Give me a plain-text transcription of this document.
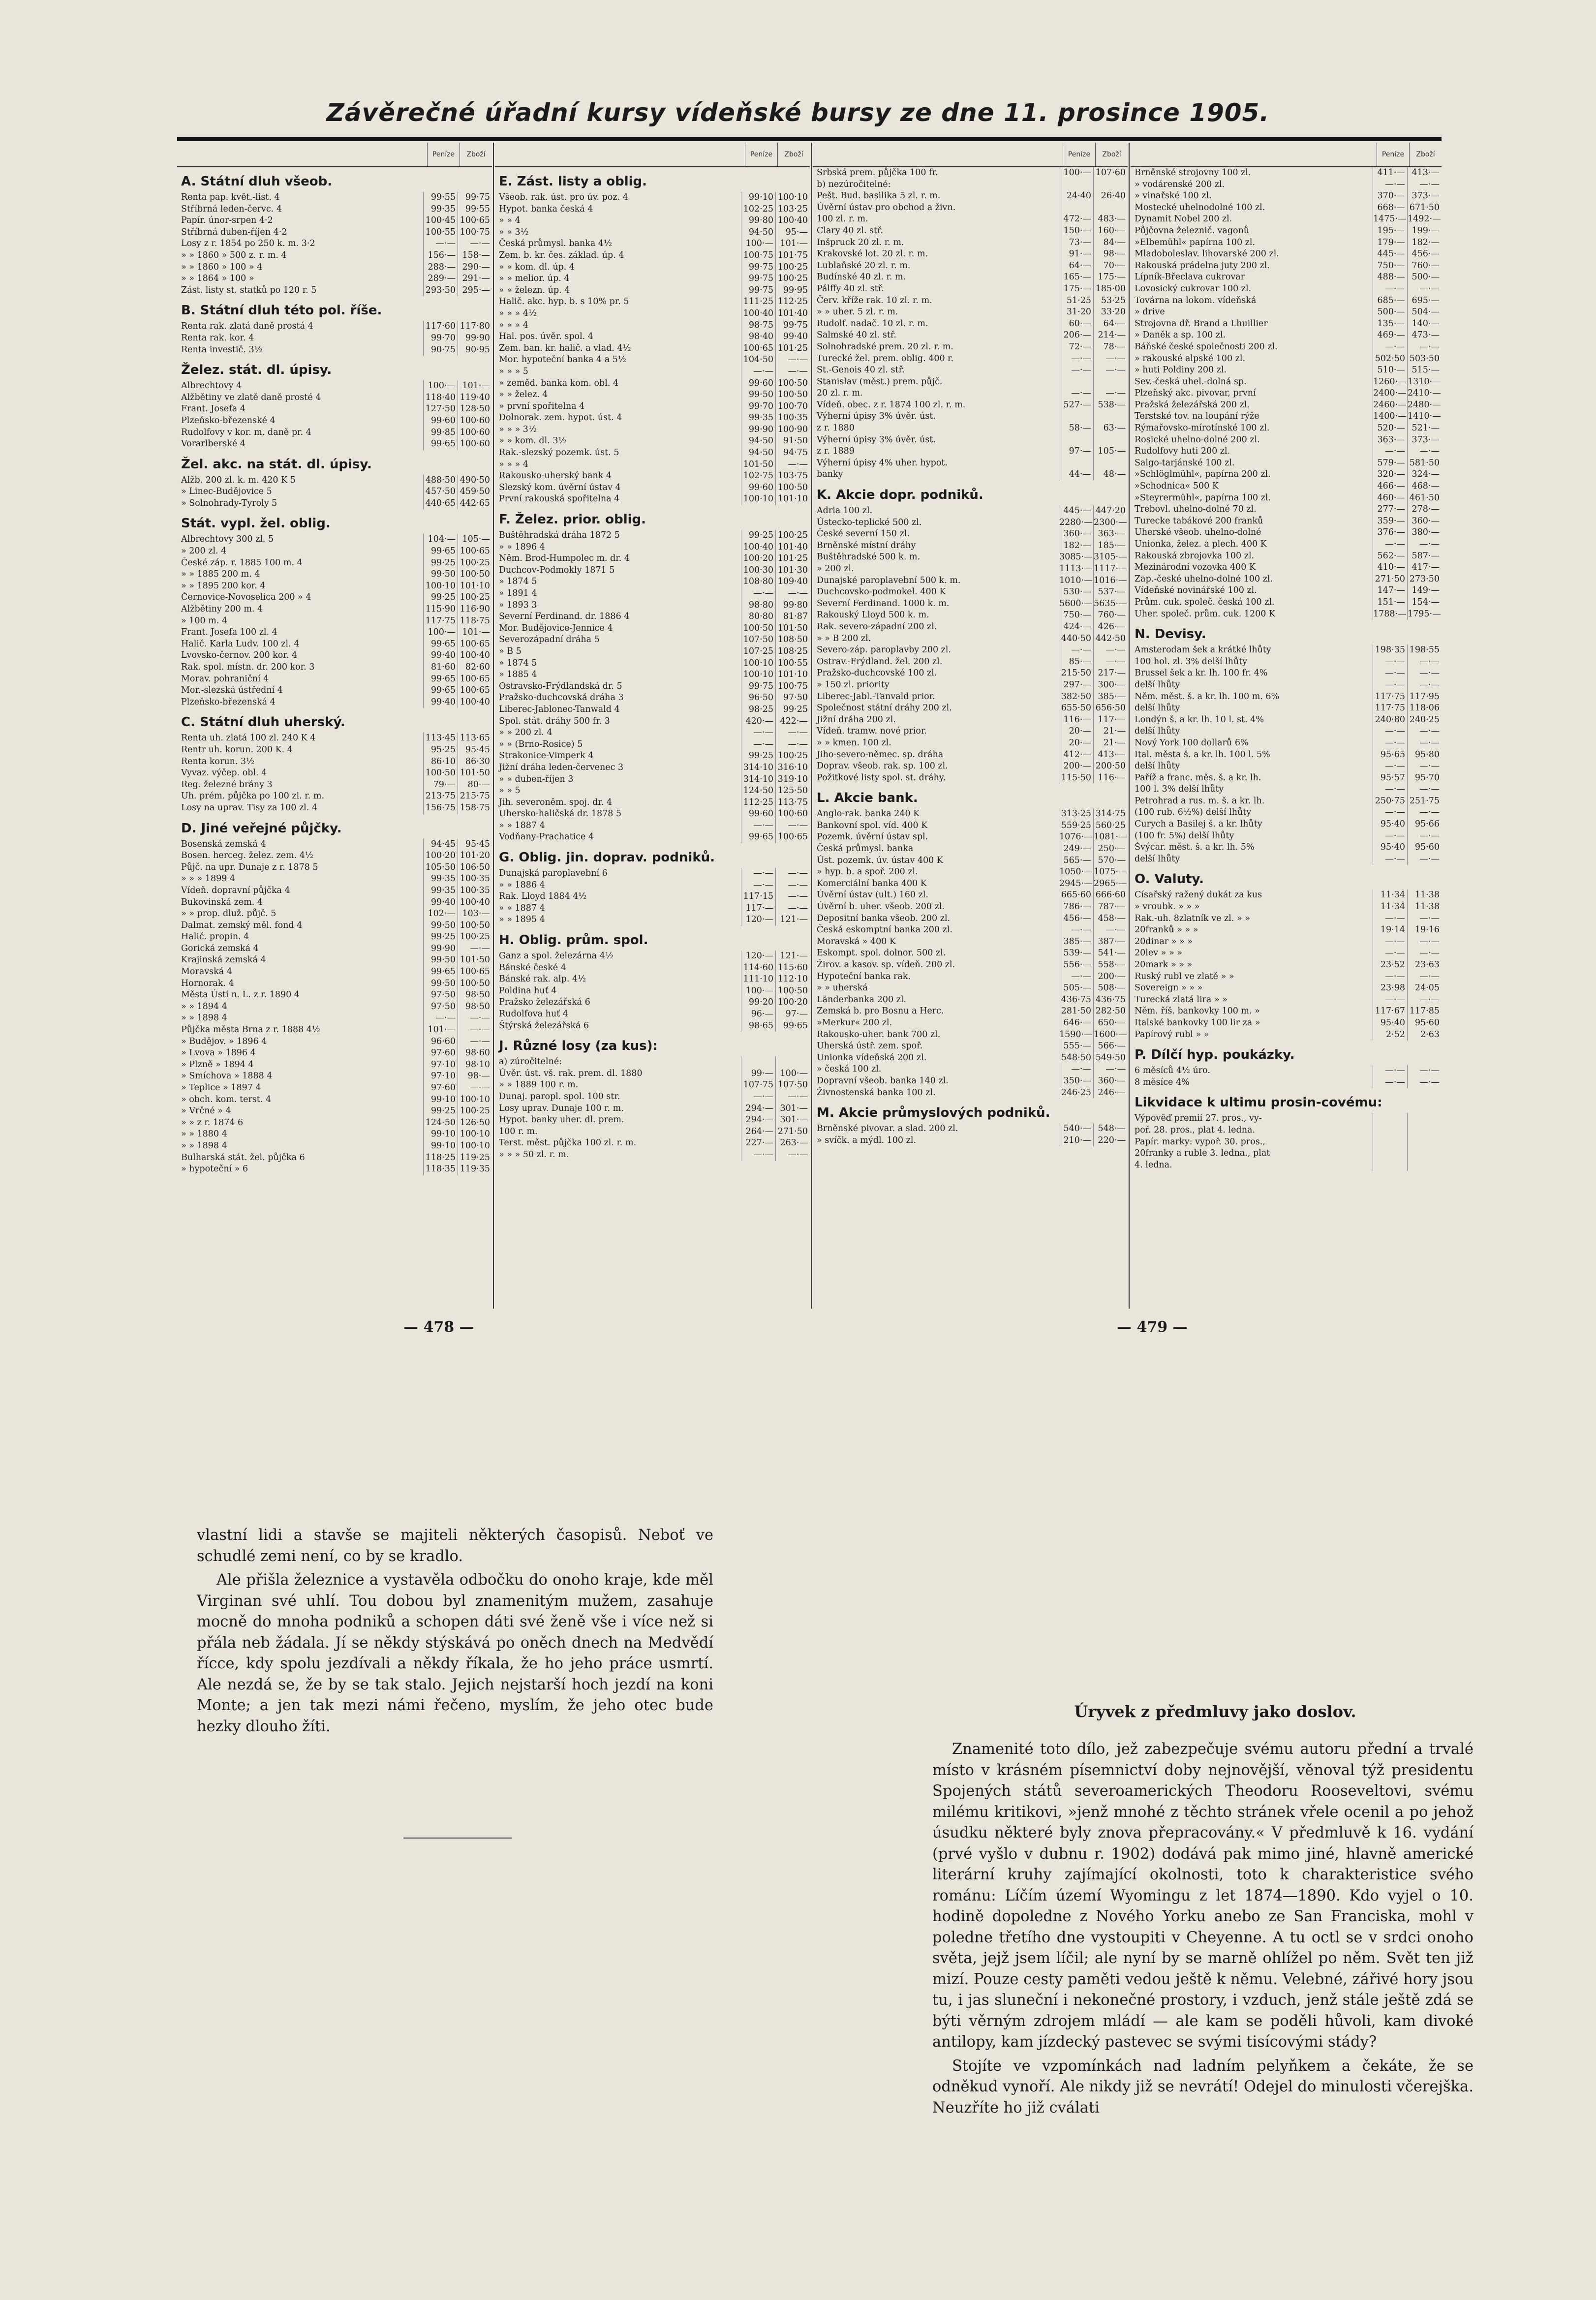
Závěrečné úřadní kursy vídeňské bursy ze dne 11. prosince 1905.
Peníze	Zboží
A. Státní dluh všeob.
Renta pap. květ.-list. 4	99·55	99·75
Stříbrná leden-červc. 4	99·35	99·55
Papír. únor-srpen 4·2	100·45 100·65
Stříbrná duben-říjen 4·2	100·55 100·75
Losy z r. 1854 po 250 k. m. 3·2	—·—	—·—
» » 1860 » 500 z. r. m. 4	156·— 158·—
» » 1860 » 100 » 4	288·— 290·—
» » 1864 » 100 »	289·— 291·—
Zást. listy st. statků po 120 r. 5	293·50 295·—
B. Státní dluh této pol. říše.
Renta rak. zlatá daně prostá 4	117·60 117·80
Renta rak. kor. 4	99·70	99·90
Renta investič. 3½	90·75	90·95
Želez. stát. dl. úpisy.
Albrechtovy 4	100·— 101·—
Alžbětiny ve zlatě daně prosté 4	118·40 119·40
Frant. Josefa 4	127·50 128·50
Plzeňsko-březenské 4	99·60 100·60
Rudolfovy v kor. m. daně pr. 4	99·85 100·60
Vorarlberské 4	99·65 100·60
Žel. akc. na stát. dl. úpisy.
Alžb. 200 zl. k. m. 420 K 5	488·50 490·50
» Linec-Budějovice 5	457·50 459·50
» Solnohrady-Tyroly 5	440·65 442·65
Stát. vypl. žel. oblig.
Albrechtovy 300 zl. 5	104·— 105·—
» 200 zl. 4	99·65 100·65
České záp. r. 1885 100 m. 4	99·25 100·25
» » 1885 200 m. 4	99·50 100·50
» » 1895 200 kor. 4	100·10 101·10
Černovice-Novoselica 200 » 4	99·25 100·25
Alžbětiny 200 m. 4	115·90 116·90
» 100 m. 4	117·75 118·75
Frant. Josefa 100 zl. 4	100·— 101·—
Halič. Karla Ludv. 100 zl. 4	99·65 100·65
Lvovsko-černov. 200 kor. 4	99·40 100·40
Rak. spol. místn. dr. 200 kor. 3	81·60	82·60
Morav. pohraniční 4	99·65 100·65
Mor.-slezská ústřední 4	99·65 100·65
Plzeňsko-březenská 4	99·40 100·40
C. Státní dluh uherský.
Renta uh. zlatá 100 zl. 240 K 4	113·45 113·65
Rentr uh. korun. 200 K. 4	95·25	95·45
Renta korun. 3½	86·10	86·30
Vyvaz. výčep. obl. 4	100·50 101·50
Reg. železné brány 3	79·—	80·—
Uh. prém. půjčka po 100 zl. r. m.	213·75 215·75
Losy na uprav. Tisy za 100 zl. 4	156·75 158·75
D. Jiné veřejné půjčky.
Bosenská zemská 4	94·45	95·45
Bosen. herceg. želez. zem. 4½	100·20 101·20
Půjč. na upr. Dunaje z r. 1878 5	105·50 106·50
» » » 1899 4	99·35 100·35
Vídeň. dopravní půjčka 4	99·35 100·35
Bukovinská zem. 4	99·40 100·40
» » prop. dluž. půjč. 5	102·— 103·—
Dalmat. zemský měl. fond 4	99·50 100·50
Halič. propin. 4	99·25 100·25
Gorická zemská 4	99·90	—·—
Krajinská zemská 4	99·50 101·50
Moravská 4	99·65 100·65
Hornorak. 4	99·50 100·50
Města Ústí n. L. z r. 1890 4	97·50	98·50
» » 1894 4	97·50	98·50
» » 1898 4	—·—	—·—
Půjčka města Brna z r. 1888 4½	101·—	—·—
» Budějov. » 1896 4	96·60	—·—
» Lvova » 1896 4	97·60	98·60
» Plzně » 1894 4	97·10	98·10
» Smíchova » 1888 4	97·10	98·—
» Teplice » 1897 4	97·60	—·—
» obch. kom. terst. 4	99·10 100·10
» Vrčné » 4	99·25 100·25
» » z r. 1874 6	124·50 126·50
» » 1880 4	99·10 100·10
» » 1898 4	99·10 100·10
Bulharská stát. žel. půjčka 6	118·25 119·25
» hypoteční » 6	118·35 119·35
Peníze	Zboží
E. Zást. listy a oblig.
Všeob. rak. úst. pro úv. poz. 4	99·10 100·10
Hypot. banka česká 4	102·25 103·25
» » 4	99·80 100·40
» » 3½	94·50	95·—
Česká průmysl. banka 4½	100·— 101·—
Zem. b. kr. čes. základ. úp. 4	100·75 101·75
» » kom. dl. úp. 4	99·75 100·25
» » melior. úp. 4	99·75 100·25
» » železn. úp. 4	99·75	99·95
Halič. akc. hyp. b. s 10% pr. 5	111·25 112·25
» » » 4½	100·40 101·40
» » » 4	98·75	99·75
Hal. pos. úvěr. spol. 4	98·40	99·40
Zem. ban. kr. halič. a vlad. 4½	100·65 101·25
Mor. hypoteční banka 4 a 5½	104·50	—·—
» » » 5	—·—	—·—
» zeměd. banka kom. obl. 4	99·60 100·50
» » želez. 4	99·50 100·50
» první spořitelna 4	99·70 100·70
Dolnorak. zem. hypot. úst. 4	99·35 100·35
» » » 3½	99·90 100·90
» » kom. dl. 3½	94·50	91·50
Rak.-slezský pozemk. úst. 5	94·50	94·75
» » » 4	101·50	—·—
Rakousko-uherský bank 4	102·75 103·75
Slezský kom. úvěrní ústav 4	99·60 100·50
První rakouská spořitelna 4	100·10 101·10
F. Želez. prior. oblig.
Buštěhradská dráha 1872 5	99·25 100·25
» » 1896 4	100·40 101·40
Něm. Brod-Humpolec m. dr. 4	100·20 101·25
Duchcov-Podmokly 1871 5	100·30 101·30
» 1874 5	108·80 109·40
» 1891 4	—·—	—·—
» 1893 3	98·80	99·80
Severní Ferdinand. dr. 1886 4	80·80	81·87
Mor. Budějovice-Jennice 4	100·50 101·50
Severozápadní dráha 5	107·50 108·50
» B 5	107·25 108·25
» 1874 5	100·10 100·55
» 1885 4	100·10 101·10
Ostravsko-Frýdlandská dr. 5	99·75 100·75
Pražsko-duchcovská dráha 3	96·50	97·50
Liberec-Jablonec-Tanwald 4	98·25	99·25
Spol. stát. dráhy 500 fr. 3	420·— 422·—
» » 200 zl. 4	—·—	—·—
» » (Brno-Rosice) 5	—·—	—·—
Strakonice-Vimperk 4	99·25 100·25
Jižní dráha leden-červenec 3	314·10 316·10
» » duben-říjen 3	314·10 319·10
» » 5	124·50 125·50
Jih. severoněm. spoj. dr. 4	112·25 113·75
Uhersko-haličská dr. 1878 5	99·60 100·60
» » 1887 4	—·—	—·—
Vodňany-Prachatice 4	99·65 100·65
G. Oblig. jin. doprav. podniků.
Dunajská paroplavební 6	—·—	—·—
» » 1886 4	—·—	—·—
Rak. Lloyd 1884 4½	117·15	—·—
» » 1887 4	117·—	—·—
» » 1895 4	120·— 121·—
H. Oblig. prům. spol.
Ganz a spol. železárna 4½	120·— 121·—
Bánské české 4	114·60 115·60
Bánské rak. alp. 4½	111·10 112·10
Poldina huť 4	100·— 100·50
Pražsko železářská 6	99·20 100·20
Rudolfova huť 4	96·—	97·—
Štýrská železářská 6	98·65	99·65
J. Různé losy (za kus):
a) zúročitelné:
Úvěr. úst. vš. rak. prem. dl. 1880	99·— 100·—
» » 1889 100 r. m.	107·75 107·50
Dunaj. paropl. spol. 100 str.	—·—	—·—
Losy uprav. Dunaje 100 r. m.	294·— 301·—
Hypot. banky uher. dl. prem.	294·— 301·—
100 r. m.	264·— 271·50
Terst. měst. půjčka 100 zl. r. m.	227·— 263·—
» » » 50 zl. r. m.	—·—	—·—
Peníze	Zboží
Srbská prem. půjčka 100 fr.	100·— 107·60
b) nezúročitelné:
Pešt. Bud. basilika 5 zl. r. m.	24·40	26·40
Úvěrní ústav pro obchod a živn.
100 zl. r. m.	472·— 483·—
Clary 40 zl. stř.	150·— 160·—
Inšpruck 20 zl. r. m.	73·—	84·—
Krakovské lot. 20 zl. r. m.	91·—	98·—
Lublaňské 20 zl. r. m.	64·—	70·—
Budínské 40 zl. r. m.	165·— 175·—
Pálffy 40 zl. stř.	175·— 185·00
Červ. kříže rak. 10 zl. r. m.	51·25	53·25
» » uher. 5 zl. r. m.	31·20	33·20
Rudolf. nadač. 10 zl. r. m.	60·—	64·—
Salmské 40 zl. stř.	206·— 214·—
Solnohradské prem. 20 zl. r. m.	72·—	78·—
Turecké žel. prem. oblig. 400 r.	—·—	—·—
St.-Genois 40 zl. stř.	—·—	—·—
Stanislav (měst.) prem. půjč.
20 zl. r. m.	—·—	—·—
Vídeň. obec. z r. 1874 100 zl. r. m.	527·— 538·—
Výherní úpisy 3% úvěr. úst.
z r. 1880	58·—	63·—
Výherní úpisy 3% úvěr. úst.
z r. 1889	97·— 105·—
Výherní úpisy 4% uher. hypot.
banky	44·—	48·—
K. Akcie dopr. podniků.
Adria 100 zl.	445·— 447·20
Ústecko-teplické 500 zl.	2280·— 2300·—
České severní 150 zl.	360·— 363·—
Brněnské místní dráhy	182·— 185·—
Buštěhradské 500 k. m.	3085·— 3105·—
» 200 zl.	1113·— 1117·—
Dunajské paroplavební 500 k. m.	1010·— 1016·—
Duchcovsko-podmokel. 400 K	530·— 537·—
Severní Ferdinand. 1000 k. m.	5600·— 5635·—
Rakouský Lloyd 500 k. m.	750·— 760·—
Rak. severo-západní 200 zl.	424·— 426·—
» » B 200 zl.	440·50 442·50
Severo-záp. paroplavby 200 zl.	—·—	—·—
Ostrav.-Frýdland. žel. 200 zl.	85·—	—·—
Pražsko-duchcovské 100 zl.	215·50 217·—
» 150 zl. priority	297·— 300·—
Liberec-Jabl.-Tanvald prior.	382·50 385·—
Společnost státní dráhy 200 zl.	655·50 656·50
Jižní dráha 200 zl.	116·— 117·—
Vídeň. tramw. nové prior.	20·—	21·—
» » kmen. 100 zl.	20·—	21·—
Jiho-severo-němec. sp. dráha	412·— 413·—
Doprav. všeob. rak. sp. 100 zl.	200·— 200·50
Požitkové listy spol. st. dráhy.	115·50 116·—
L. Akcie bank.
Anglo-rak. banka 240 K	313·25 314·75
Bankovní spol. víd. 400 K	559·25 560·25
Pozemk. úvěrní ústav spl.	1076·— 1081·—
Česká průmysl. banka	249·— 250·—
Úst. pozemk. úv. ústav 400 K	565·— 570·—
» hyp. b. a spoř. 200 zl.	1050·— 1075·—
Komerciální banka 400 K	2945·— 2965·—
Úvěrní ústav (ult.) 160 zl.	665·60 666·60
Úvěrní b. uher. všeob. 200 zl.	786·— 787·—
Depositní banka všeob. 200 zl.	456·— 458·—
Česká eskomptní banka 200 zl.	—·—	—·—
Moravská » 400 K	385·— 387·—
Eskompt. spol. dolnor. 500 zl.	539·— 541·—
Žirov. a kasov. sp. vídeň. 200 zl.	556·— 558·—
Hypoteční banka rak.	—·— 200·—
» » uherská	505·— 508·—
Länderbanka 200 zl.	436·75 436·75
Zemská b. pro Bosnu a Herc.	281·50 282·50
»Merkur« 200 zl.	646·— 650·—
Rakousko-uher. bank 700 zl.	1590·— 1600·—
Uherská ústř. zem. spoř.	555·— 566·—
Unionka vídeňská 200 zl.	548·50 549·50
» česká 100 zl.	—·—	—·—
Dopravní všeob. banka 140 zl.	350·— 360·—
Živnostenská banka 100 zl.	246·25 246·—
M. Akcie průmyslových podniků.
Brněnské pivovar. a slad. 200 zl.	540·— 548·—
» svíčk. a mýdl. 100 zl.	210·— 220·—
Peníze	Zboží
Brněnské strojovny 100 zl.	411·— 413·—
» vodárenské 200 zl.	—·—	—·—
» vinařské 100 zl.	370·— 373·—
Mostecké uhelnodolné 100 zl.	668·— 671·50
Dynamit Nobel 200 zl.	1475·— 1492·—
Půjčovna železnič. vagonů	195·— 199·—
»Elbemühl« papírna 100 zl.	179·— 182·—
Mladoboleslav. lihovarské 200 zl.	445·— 456·—
Rakouská prádelna juty 200 zl.	750·— 760·—
Lípník-Břeclava cukrovar	488·— 500·—
Lovosický cukrovar 100 zl.	—·—	—·—
Továrna na lokom. vídeňská	685·— 695·—
» drive	500·— 504·—
Strojovna dř. Brand a Lhuillier	135·— 140·—
» Daněk a sp. 100 zl.	469·— 473·—
Báňské české společnosti 200 zl.	—·—	—·—
» rakouské alpské 100 zl.	502·50 503·50
» huti Poldiny 200 zl.	510·— 515·—
Sev.-česká uhel.-dolná sp.	1260·— 1310·—
Plzeňský akc. pivovar, první	2400·— 2410·—
Pražská železářská 200 zl.	2460·— 2480·—
Terstské tov. na loupání rýže	1400·— 1410·—
Rýmařovsko-mírotínské 100 zl.	520·— 521·—
Rosické uhelno-dolné 200 zl.	363·— 373·—
Rudolfovy huti 200 zl.	—·—	—·—
Salgo-tarjánské 100 zl.	579·— 581·50
»Schlöglmühl«, papírna 200 zl.	320·— 324·—
»Schodnica« 500 K	466·— 468·—
»Steyrermühl«, papírna 100 zl.	460·— 461·50
Trebovl. uhelno-dolné 70 zl.	277·— 278·—
Turecke tabákové 200 franků	359·— 360·—
Uherské všeob. uhelno-dolné	376·— 380·—
Unionka, želez. a plech. 400 K	—·—	—·—
Rakouská zbrojovka 100 zl.	562·— 587·—
Mezinárodní vozovka 400 K	410·— 417·—
Zap.-české uhelno-dolné 100 zl.	271·50 273·50
Vídeňské novinářské 100 zl.	147·— 149·—
Prům. cuk. společ. česká 100 zl.	151·— 154·—
Uher. společ. prům. cuk. 1200 K	1788·— 1795·—
N. Devisy.
Amsterodam šek a krátké lhůty	198·35 198·55
100 hol. zl. 3% delší lhůty	—·—	—·—
Brussel šek a kr. lh. 100 fr. 4%	—·—	—·—
delší lhůty	—·—	—·—
Něm. měst. š. a kr. lh. 100 m. 6%	117·75 117·95
delší lhůty	117·75 118·06
Londýn š. a kr. lh. 10 l. st. 4%	240·80 240·25
delší lhůty	—·—	—·—
Nový York 100 dollarů 6%	—·—	—·—
Ital. města š. a kr. lh. 100 l. 5%	95·65	95·80
delší lhůty	—·—	—·—
Paříž a franc. měs. š. a kr. lh.	95·57	95·70
100 l. 3% delší lhůty	—·—	—·—
Petrohrad a rus. m. š. a kr. lh.	250·75 251·75
(100 rub. 6½%) delší lhůty	—·—	—·—
Curych a Basilej š. a kr. lhůty	95·40	95·66
(100 fr. 5%) delší lhůty	—·—	—·—
Švýcar. měst. š. a kr. lh. 5%	95·40	95·60
delší lhůty	—·—	—·—
O. Valuty.
Císařský ražený dukát za kus	11·34	11·38
» vroubk. » » »	11·34	11·38
Rak.-uh. 8zlatník ve zl. » »	—·—	—·—
20franků » » »	19·14	19·16
20dinar » » »	—·—	—·—
20lev » » »	—·—	—·—
20mark » » »	23·52	23·63
Ruský rubl ve zlatě » »	—·—	—·—
Sovereign » » »	23·98	24·05
Turecká zlatá lira » »	—·—	—·—
Něm. říš. bankovky 100 m. »	117·67 117·85
Italské bankovky 100 lir za »	95·40	95·60
Papírový rubl » »	2·52	2·63
P. Dílčí hyp. poukázky.
6 měsíců 4½ úro.	—·—	—·—
8 měsíce 4%	—·—	—·—
Likvidace k ultimu prosin-covému:
Výpověď premií 27. pros., vy-
poř. 28. pros., plat 4. ledna.
Papír. marky: vypoř. 30. pros.,
20franky a ruble 3. ledna., plat
4. ledna.
— 478 —	— 479 —

vlastní lidi a stavše se majiteli některých časopisů. Neboť ve schudlé zemi není, co by se kradlo.

Ale přišla železnice a vystavěla odbočku do onoho kraje, kde měl Virginan své uhlí. Tou dobou byl znamenitým mužem, zasahuje mocně do mnoha podniků a schopen dáti své ženě vše i více než si přála neb žádala. Jí se někdy stýskává po oněch dnech na Medvědí řícce, kdy spolu jezdívali a někdy říkala, že ho jeho práce usmrtí. Ale nezdá se, že by se tak stalo. Jejich nejstarší hoch jezdí na koni Monte; a jen tak mezi námi řečeno, myslím, že jeho otec bude hezky dlouho žíti.

Úryvek z předmluvy jako doslov.

Znamenité toto dílo, jež zabezpečuje svému autoru přední a trvalé místo v krásném písemnictví doby nejnovější, věnoval týž presidentu Spojených států severoamerických Theodoru Rooseveltovi, svému milému kritikovi, »jenž mnohé z těchto stránek vřele ocenil a po jehož úsudku některé byly znova přepracovány.« V předmluvě k 16. vydání (prvé vyšlo v dubnu r. 1902) dodává pak mimo jiné, hlavně americké literární kruhy zajímající okolnosti, toto k charakteristice svého románu: Líčím území Wyomingu z let 1874—1890. Kdo vyjel o 10. hodině dopoledne z Nového Yorku anebo ze San Franciska, mohl v poledne třetího dne vystoupiti v Cheyenne. A tu octl se v srdci onoho světa, jejž jsem líčil; ale nyní by se marně ohlížel po něm. Svět ten již mizí. Pouze cesty paměti vedou ještě k němu. Velebné, zářivé hory jsou tu, i jas sluneční i nekonečné prostory, i vzduch, jenž stále ještě zdá se býti věrným zdrojem mládí — ale kam se poděli hůvoli, kam divoké antilopy, kam jízdecký pastevec se svými tisícovými stády?

Stojíte ve vzpomínkách nad ladním pelyňkem a čekáte, že se odněkud vynoří. Ale nikdy již se nevrátí! Odejel do minulosti včerejška. Neuzříte ho již cválati
